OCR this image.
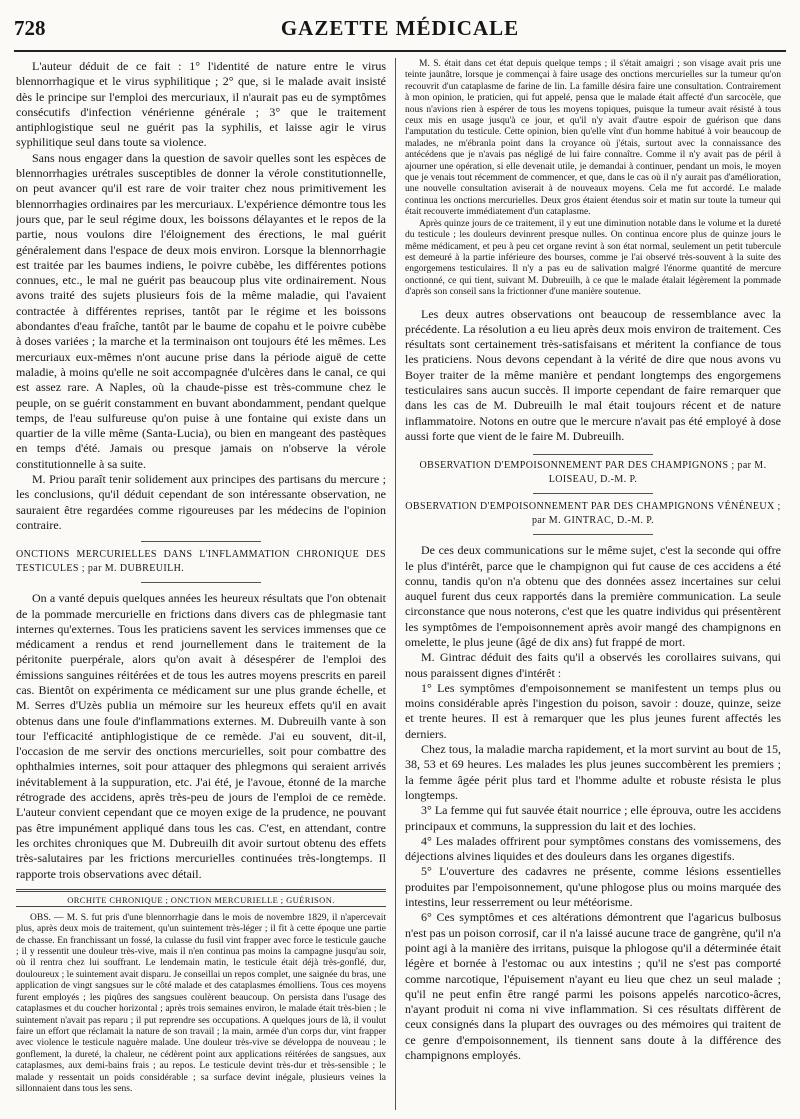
728	GAZETTE MÉDICALE

L'auteur déduit de ce fait : 1° l'identité de nature entre le virus blennorrhagique et le virus syphilitique ; 2° que, si le malade avait insisté dès le principe sur l'emploi des mercuriaux, il n'aurait pas eu de symptômes consécutifs d'infection vénérienne générale ; 3° que le traitement antiphlogistique seul ne guérit pas la syphilis, et laisse agir le virus syphilitique seul dans toute sa violence.

Sans nous engager dans la question de savoir quelles sont les espèces de blennorrhagies urétrales susceptibles de donner la vérole constitutionnelle, on peut avancer qu'il est rare de voir traiter chez nous primitivement les blennorrhagies ordinaires par les mercuriaux. L'expérience démontre tous les jours que, par le seul régime doux, les boissons délayantes et le repos de la partie, nous voulons dire l'éloignement des érections, le mal guérit généralement dans l'espace de deux mois environ. Lorsque la blennorrhagie est traitée par les baumes indiens, le poivre cubèbe, les différentes potions connues, etc., le mal ne guérit pas beaucoup plus vite ordinairement. Nous avons traité des sujets plusieurs fois de la même maladie, qui l'avaient contractée à différentes reprises, tantôt par le régime et les boissons abondantes d'eau fraîche, tantôt par le baume de copahu et le poivre cubèbe à doses variées ; la marche et la terminaison ont toujours été les mêmes. Les mercuriaux eux-mêmes n'ont aucune prise dans la période aiguë de cette maladie, à moins qu'elle ne soit accompagnée d'ulcères dans le canal, ce qui est assez rare. A Naples, où la chaude-pisse est très-commune chez le peuple, on se guérit constamment en buvant abondamment, pendant quelque temps, de l'eau sulfureuse qu'on puise à une fontaine qui existe dans un quartier de la ville même (Santa-Lucia), ou bien en mangeant des pastèques en temps d'été. Jamais ou presque jamais on n'observe la vérole constitutionnelle à sa suite.

M. Priou paraît tenir solidement aux principes des partisans du mercure ; les conclusions, qu'il déduit cependant de son intéressante observation, ne sauraient être regardées comme rigoureuses par les médecins de l'opinion contraire.

ONCTIONS MERCURIELLES DANS L'INFLAMMATION CHRONIQUE DES TESTICULES ; par M. DUBREUILH.

On a vanté depuis quelques années les heureux résultats que l'on obtenait de la pommade mercurielle en frictions dans divers cas de phlegmasie tant internes qu'externes. Tous les praticiens savent les services immenses que ce médicament a rendus et rend journellement dans le traitement de la péritonite puerpérale, alors qu'on avait à désespérer de l'emploi des émissions sanguines réitérées et de tous les autres moyens prescrits en pareil cas. Bientôt on expérimenta ce médicament sur une plus grande échelle, et M. Serres d'Uzès publia un mémoire sur les heureux effets qu'il en avait obtenus dans une foule d'inflammations externes. M. Dubreuilh vante à son tour l'efficacité antiphlogistique de ce remède. J'ai eu souvent, dit-il, l'occasion de me servir des onctions mercurielles, soit pour combattre des ophthalmies internes, soit pour attaquer des phlegmons qui seraient arrivés inévitablement à la suppuration, etc. J'ai été, je l'avoue, étonné de la marche rétrograde des accidens, après très-peu de jours de l'emploi de ce remède. L'auteur convient cependant que ce moyen exige de la prudence, ne pouvant pas être impunément appliqué dans tous les cas. C'est, en attendant, contre les orchites chroniques que M. Dubreuilh dit avoir surtout obtenu des effets très-salutaires par les frictions mercurielles continuées très-longtemps. Il rapporte trois observations avec détail.

ORCHITE CHRONIQUE ; ONCTION MERCURIELLE ; GUÉRISON.

OBS. — M. S. fut pris d'une blennorrhagie dans le mois de novembre 1829, il n'apercevait plus, après deux mois de traitement, qu'un suintement très-léger ; il fit à cette époque une partie de chasse. En franchissant un fossé, la culasse du fusil vint frapper avec force le testicule gauche ; il y ressentit une douleur très-vive, mais il n'en continua pas moins la campagne jusqu'au soir, où il rentra chez lui souffrant. Le lendemain matin, le testicule était déjà très-gonflé, dur, douloureux ; le suintement avait disparu. Je conseillai un repos complet, une saignée du bras, une application de vingt sangsues sur le côté malade et des cataplasmes émolliens. Tous ces moyens furent employés ; les piqûres des sangsues coulèrent beaucoup. On persista dans l'usage des cataplasmes et du coucher horizontal ; après trois semaines environ, le malade était très-bien ; le suintement n'avait pas reparu ; il put reprendre ses occupations. A quelques jours de là, il voulut faire un effort que réclamait la nature de son travail ; la main, armée d'un corps dur, vint frapper avec violence le testicule naguère malade. Une douleur très-vive se développa de nouveau ; le gonflement, la dureté, la chaleur, ne cédèrent point aux applications réitérées de sangsues, aux cataplasmes, aux demi-bains frais ; au repos. Le testicule devint très-dur et très-sensible ; le malade y ressentait un poids considérable ; sa surface devint inégale, plusieurs veines la sillonnaient dans tous les sens.

M. S. était dans cet état depuis quelque temps ; il s'était amaigri ; son visage avait pris une teinte jaunâtre, lorsque je commençai à faire usage des onctions mercurielles sur la tumeur qu'on recouvrit d'un cataplasme de farine de lin. La famille désira faire une consultation. Contrairement à mon opinion, le praticien, qui fut appelé, pensa que le malade était affecté d'un sarcocèle, que nous n'avions rien à espérer de tous les moyens topiques, puisque la tumeur avait résisté à tous ceux mis en usage jusqu'à ce jour, et qu'il n'y avait d'autre espoir de guérison que dans l'amputation du testicule. Cette opinion, bien qu'elle vînt d'un homme habitué à voir beaucoup de malades, ne m'ébranla point dans la croyance où j'étais, surtout avec la connaissance des antécédens que je n'avais pas négligé de lui faire connaître. Comme il n'y avait pas de péril à ajourner une opération, si elle devenait utile, je demandai à continuer, pendant un mois, le moyen que je venais tout récemment de commencer, et que, dans le cas où il n'y aurait pas d'amélioration, une nouvelle consultation aviserait à de nouveaux moyens. Cela me fut accordé. Le malade continua les onctions mercurielles. Deux gros étaient étendus soir et matin sur toute la tumeur qui était recouverte immédiatement d'un cataplasme.

Après quinze jours de ce traitement, il y eut une diminution notable dans le volume et la dureté du testicule ; les douleurs devinrent presque nulles. On continua encore plus de quinze jours le même médicament, et peu à peu cet organe revint à son état normal, seulement un petit tubercule est demeuré à la partie inférieure des bourses, comme je l'ai observé très-souvent à la suite des engorgemens testiculaires. Il n'y a pas eu de salivation malgré l'énorme quantité de mercure onctionné, ce qui tient, suivant M. Dubreuilh, à ce que le malade étalait légèrement la pommade d'après son conseil sans la frictionner d'une manière soutenue.

Les deux autres observations ont beaucoup de ressemblance avec la précédente. La résolution a eu lieu après deux mois environ de traitement. Ces résultats sont certainement très-satisfaisans et méritent la confiance de tous les praticiens. Nous devons cependant à la vérité de dire que nous avons vu Boyer traiter de la même manière et pendant longtemps des engorgemens testiculaires sans aucun succès. Il importe cependant de faire remarquer que dans les cas de M. Dubreuilh le mal était toujours récent et de nature inflammatoire. Notons en outre que le mercure n'avait pas été employé à dose aussi forte que vient de le faire M. Dubreuilh.

OBSERVATION D'EMPOISONNEMENT PAR DES CHAMPIGNONS ; par M. LOISEAU, D.-M. P.

OBSERVATION D'EMPOISONNEMENT PAR DES CHAMPIGNONS VÉNÉNEUX ; par M. GINTRAC, D.-M. P.

De ces deux communications sur le même sujet, c'est la seconde qui offre le plus d'intérêt, parce que le champignon qui fut cause de ces accidens a été connu, tandis qu'on n'a obtenu que des données assez incertaines sur celui auquel furent dus ceux rapportés dans la première communication. La seule circonstance que nous noterons, c'est que les quatre individus qui présentèrent les symptômes de l'empoisonnement après avoir mangé des champignons en omelette, le plus jeune (âgé de dix ans) fut frappé de mort.

M. Gintrac déduit des faits qu'il a observés les corollaires suivans, qui nous paraissent dignes d'intérêt :

1° Les symptômes d'empoisonnement se manifestent un temps plus ou moins considérable après l'ingestion du poison, savoir : douze, quinze, seize et trente heures. Il est à remarquer que les plus jeunes furent affectés les derniers.

Chez tous, la maladie marcha rapidement, et la mort survint au bout de 15, 38, 53 et 69 heures. Les malades les plus jeunes succombèrent les premiers ; la femme âgée périt plus tard et l'homme adulte et robuste résista le plus longtemps.

3° La femme qui fut sauvée était nourrice ; elle éprouva, outre les accidens principaux et communs, la suppression du lait et des lochies.

4° Les malades offrirent pour symptômes constans des vomissemens, des déjections alvines liquides et des douleurs dans les organes digestifs.

5° L'ouverture des cadavres ne présente, comme lésions essentielles produites par l'empoisonnement, qu'une phlogose plus ou moins marquée des intestins, leur resserrement ou leur météorisme.

6° Ces symptômes et ces altérations démontrent que l'agaricus bulbosus n'est pas un poison corrosif, car il n'a laissé aucune trace de gangrène, qu'il n'a point agi à la manière des irritans, puisque la phlogose qu'il a déterminée était légère et bornée à l'estomac ou aux intestins ; qu'il ne s'est pas comporté comme narcotique, l'épuisement n'ayant eu lieu que chez un seul malade ; qu'il ne peut enfin être rangé parmi les poisons appelés narcotico-âcres, n'ayant produit ni coma ni vive inflammation. Si ces résultats diffèrent de ceux consignés dans la plupart des ouvrages ou des mémoires qui traitent de ce genre d'empoisonnement, ils tiennent sans doute à la différence des champignons employés.
